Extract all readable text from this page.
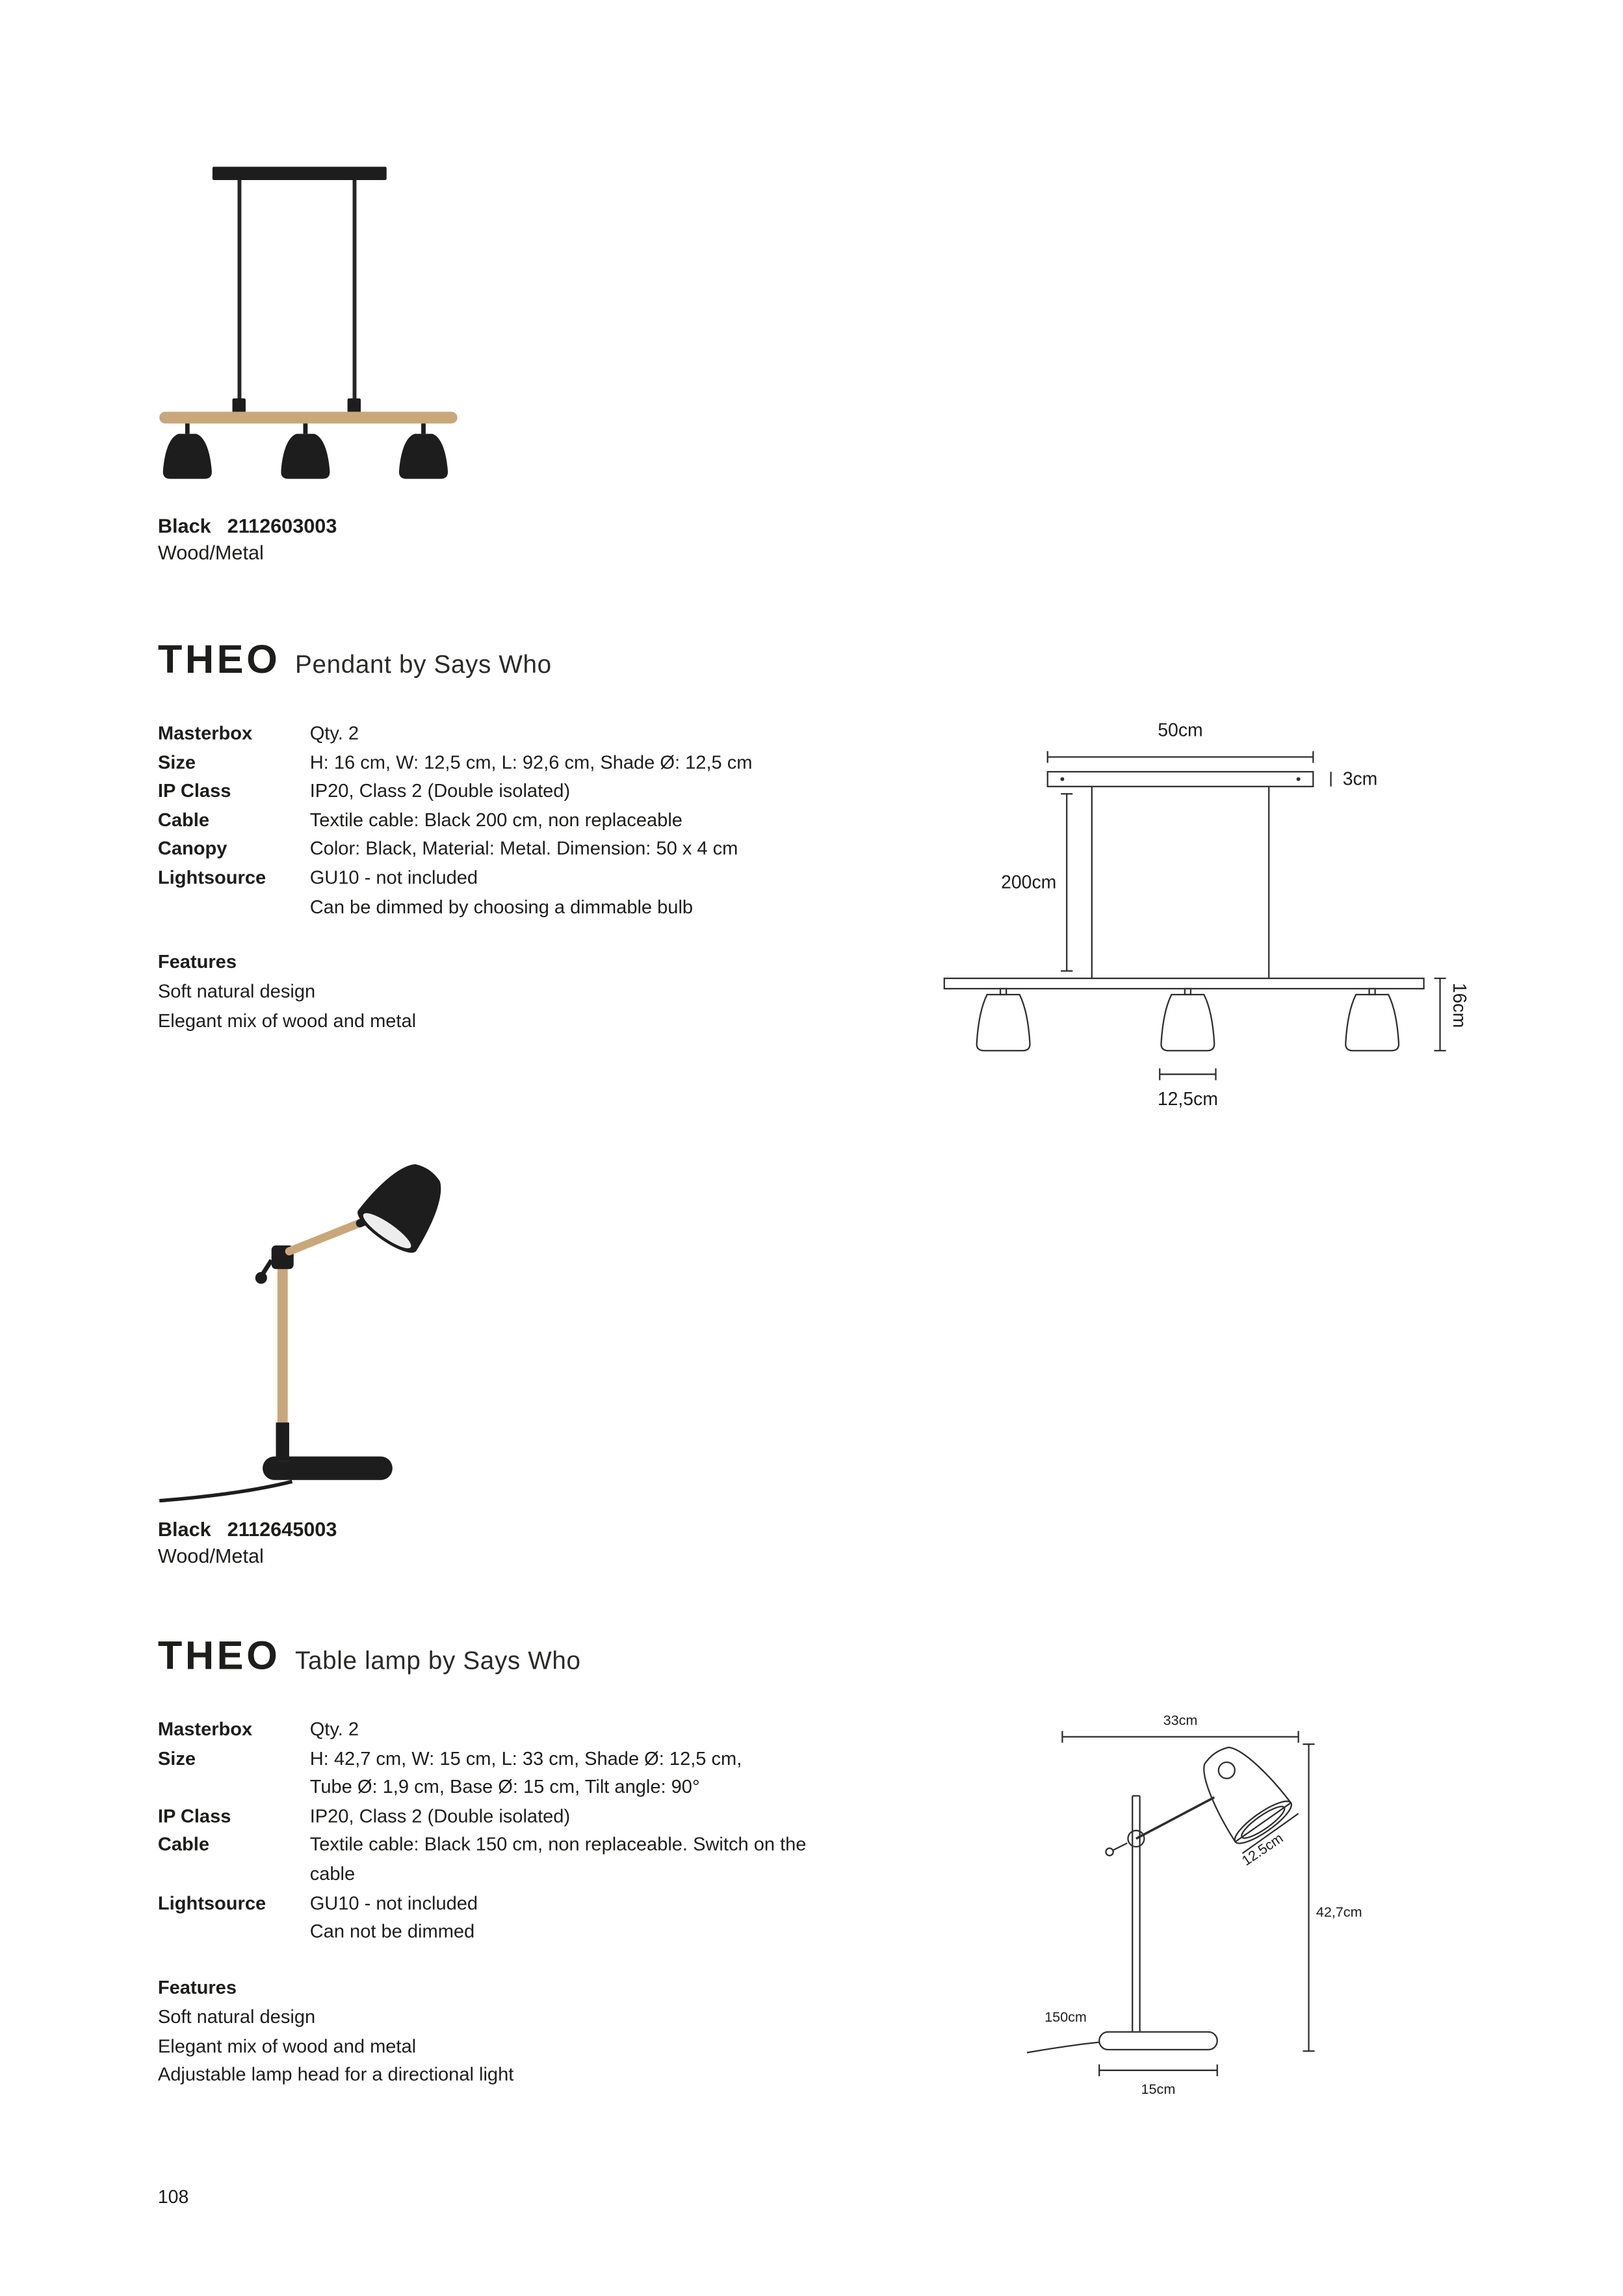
Black 2112603003
Wood/Metal
THEO Pendant by Says Who
Masterbox	Qty. 2
Size	H: 16 cm, W: 12,5 cm, L: 92,6 cm, Shade Ø: 12,5 cm
IP Class	IP20, Class 2 (Double isolated)
Cable	Textile cable: Black 200 cm, non replaceable
Canopy	Color: Black, Material: Metal. Dimension: 50 x 4 cm
Lightsource	GU10 - not included
Can be dimmed by choosing a dimmable bulb
Features
Soft natural design
Elegant mix of wood and metal
50cm
3cm
200cm
12,5cm
16cm
Black 2112645003
Wood/Metal
THEO Table lamp by Says Who
Masterbox	Qty. 2
Size	H: 42,7 cm, W: 15 cm, L: 33 cm, Shade Ø: 12,5 cm,
Tube Ø: 1,9 cm, Base Ø: 15 cm, Tilt angle: 90°
IP Class	IP20, Class 2 (Double isolated)
Cable	Textile cable: Black 150 cm, non replaceable. Switch on the
cable
Lightsource	GU10 - not included
Can not be dimmed
Features
Soft natural design
Elegant mix of wood and metal
Adjustable lamp head for a directional light
33cm
12.5cm
42,7cm
150cm
15cm
108
